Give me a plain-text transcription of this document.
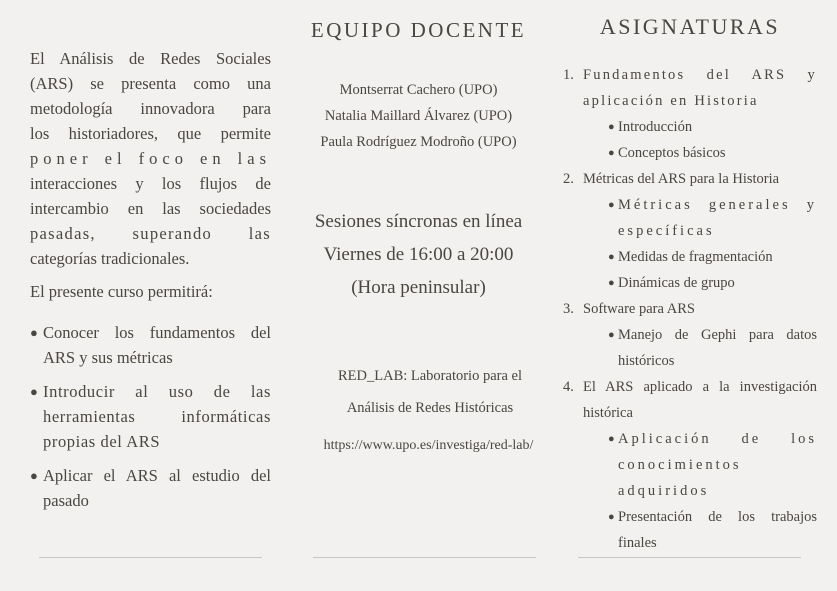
El Análisis de Redes Sociales

(ARS) se presenta como una

metodología innovadora para

los historiadores, que permite

poner el foco en las

interacciones y los flujos de

intercambio en las sociedades

pasadas, superando las

categorías tradicionales.

El presente curso permitirá:

● Conocer los fundamentos del ARS y sus métricas
● Introducir al uso de las herramientas informáticas propias del ARS
● Aplicar el ARS al estudio del pasado
EQUIPO DOCENTE
Montserrat Cachero (UPO)
Natalia Maillard Álvarez (UPO)
Paula Rodríguez Modroño (UPO)
Sesiones síncronas en línea
Viernes de 16:00 a 20:00
(Hora peninsular)
RED_LAB: Laboratorio para el Análisis de Redes Históricas
https://www.upo.es/investiga/red-lab/
ASIGNATURAS
1. Fundamentos del ARS y aplicación en Historia
● Introducción
● Conceptos básicos
2. Métricas del ARS para la Historia
● Métricas generales y específicas
● Medidas de fragmentación
● Dinámicas de grupo
3. Software para ARS
● Manejo de Gephi para datos históricos
4. El ARS aplicado a la investigación histórica
● Aplicación de los conocimientos adquiridos
● Presentación de los trabajos finales
